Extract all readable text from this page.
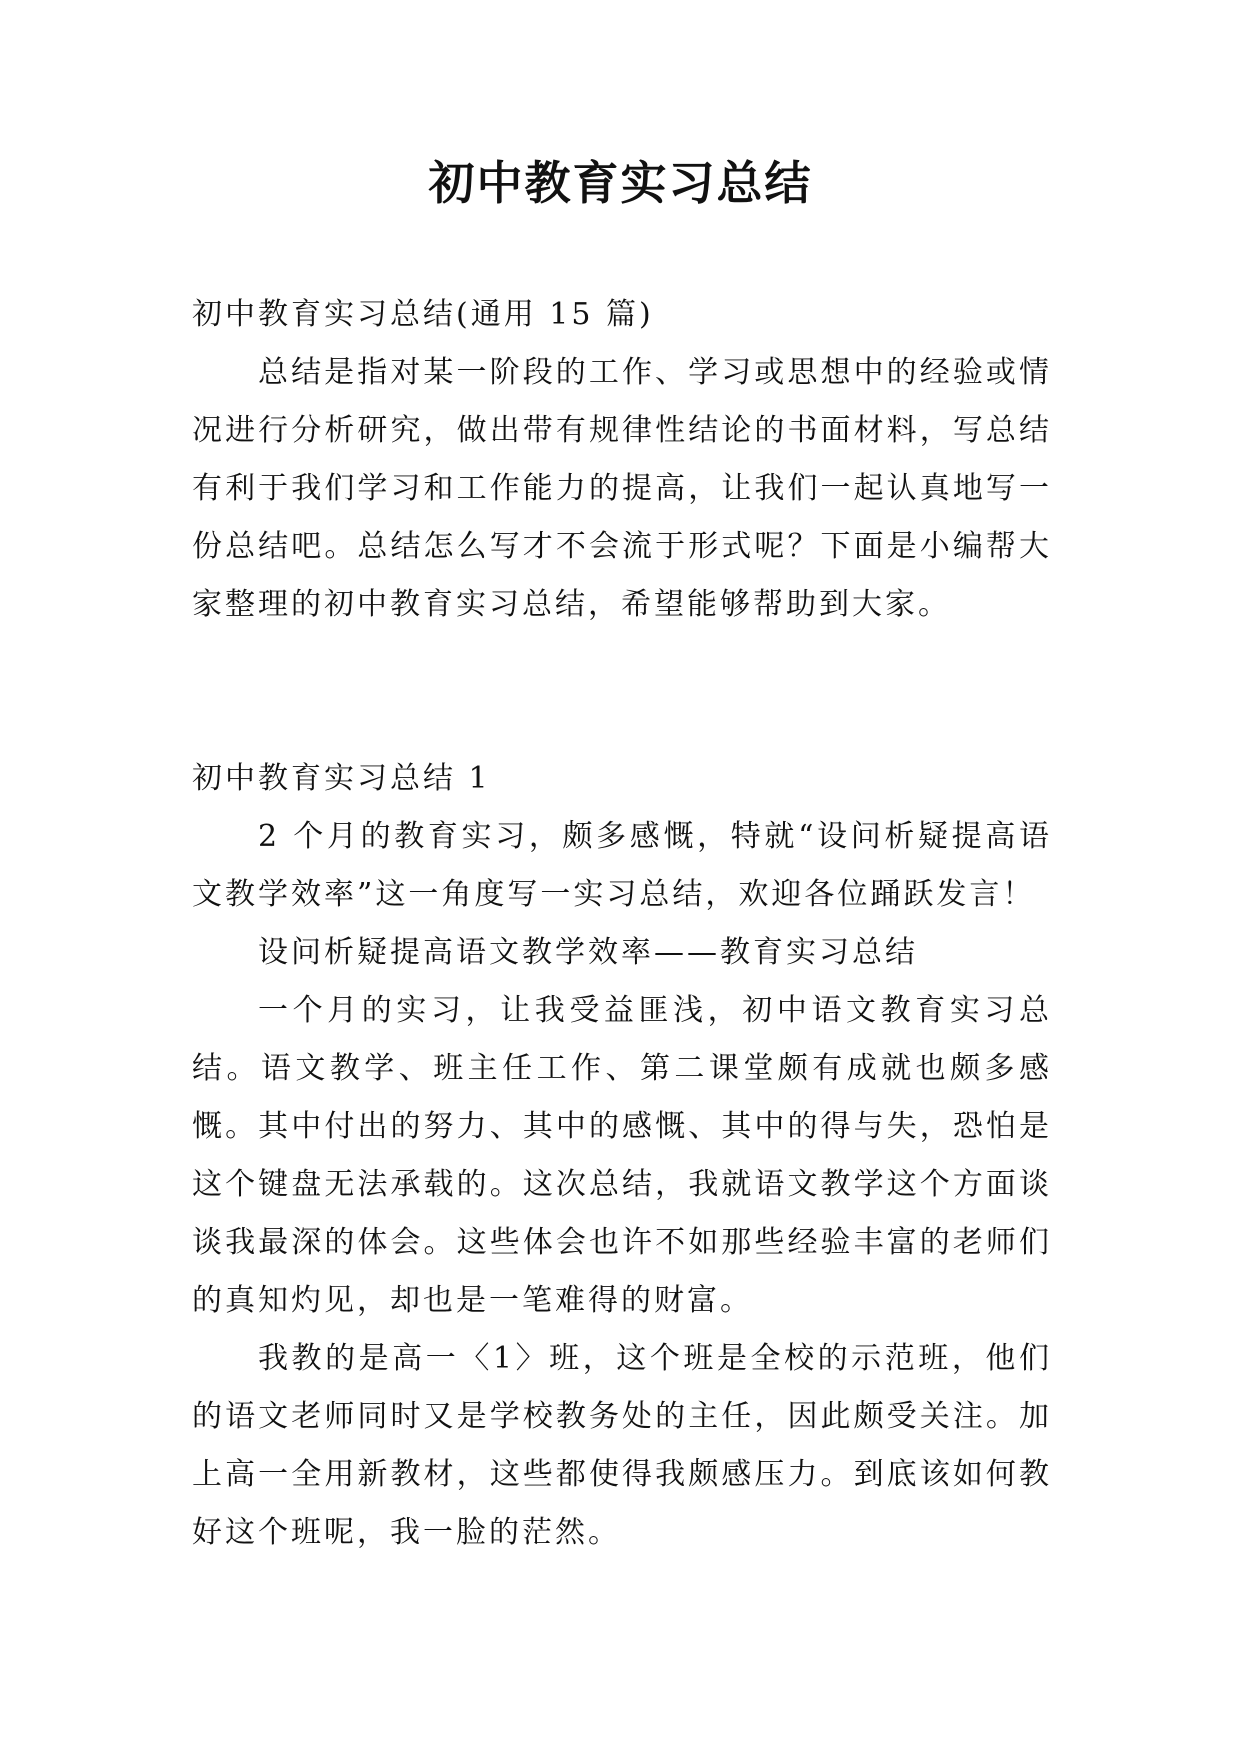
初中教育实习总结

初中教育实习总结(通用 15 篇)

总结是指对某一阶段的工作、学习或思想中的经验或情况进行分析研究，做出带有规律性结论的书面材料，写总结有利于我们学习和工作能力的提高，让我们一起认真地写一份总结吧。总结怎么写才不会流于形式呢？下面是小编帮大家整理的初中教育实习总结，希望能够帮助到大家。

初中教育实习总结 1

2 个月的教育实习，颇多感慨，特就“设问析疑提高语文教学效率”这一角度写一实习总结，欢迎各位踊跃发言！

设问析疑提高语文教学效率——教育实习总结

一个月的实习，让我受益匪浅，初中语文教育实习总结。语文教学、班主任工作、第二课堂颇有成就也颇多感慨。其中付出的努力、其中的感慨、其中的得与失，恐怕是这个键盘无法承载的。这次总结，我就语文教学这个方面谈谈我最深的体会。这些体会也许不如那些经验丰富的老师们的真知灼见，却也是一笔难得的财富。

我教的是高一〈1〉班，这个班是全校的示范班，他们的语文老师同时又是学校教务处的主任，因此颇受关注。加上高一全用新教材，这些都使得我颇感压力。到底该如何教好这个班呢，我一脸的茫然。
